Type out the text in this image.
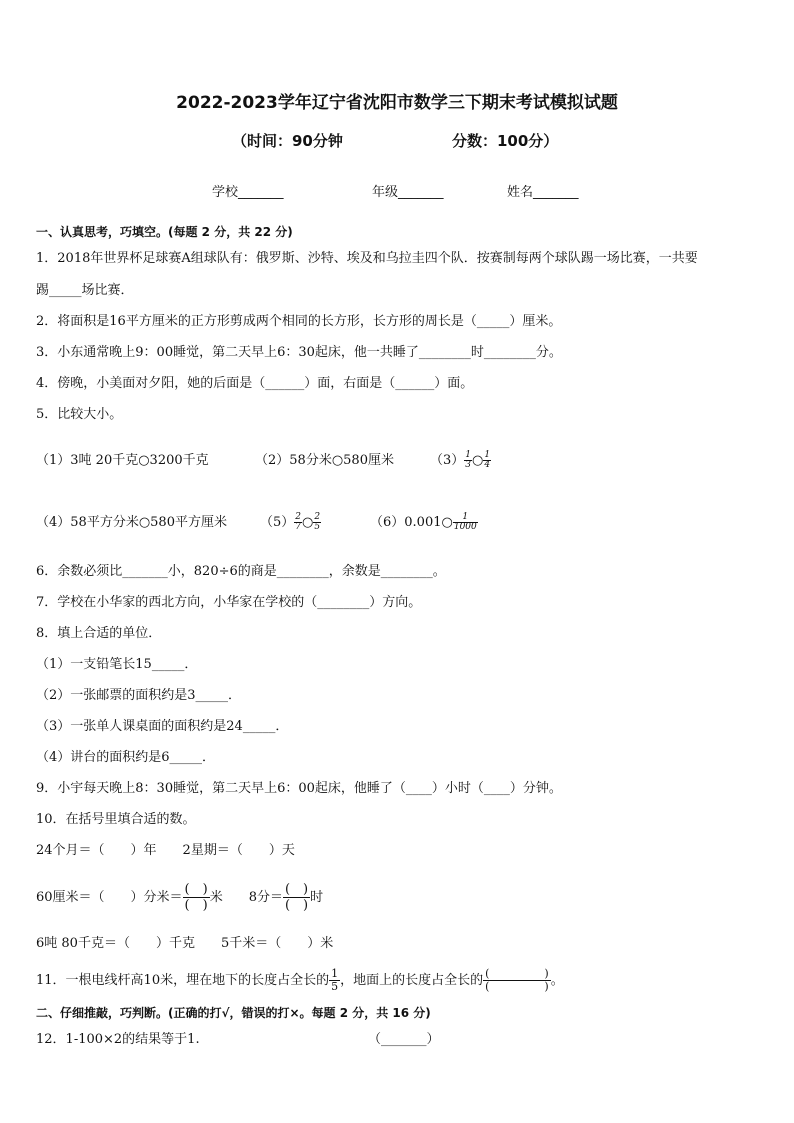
2022-2023学年辽宁省沈阳市数学三下期末考试模拟试题
（时间：90分钟	分数：100分）
学校_______	年级_______	姓名_______
一、认真思考，巧填空。(每题 2 分，共 22 分)
1．2018年世界杯足球赛A组球队有：俄罗斯、沙特、埃及和乌拉圭四个队．按赛制每两个球队踢一场比赛，一共要
踢_____场比赛．
2．将面积是16平方厘米的正方形剪成两个相同的长方形，长方形的周长是（_____）厘米。
3．小东通常晚上9：00睡觉，第二天早上6：30起床，他一共睡了________时________分。
4．傍晚，小美面对夕阳，她的后面是（______）面，右面是（______）面。
5．比较大小。
（1）3吨 20千克○3200千克	（2）58分米○580厘米	$(3) \frac{1}{3}$ ○ $\frac{1}{4}$
（4）58平方分米○580平方厘米	$(5) \frac{2}{7}$ ○ $\frac{2}{5}$	（6）0.001○ $\frac{1}{1000}$
6．余数必须比_______小，820÷6的商是________，余数是________。
7．学校在小华家的西北方向，小华家在学校的（________）方向。
8．填上合适的单位．
（1）一支铅笔长15_____．
（2）一张邮票的面积约是3_____．
（3）一张单人课桌面的面积约是24_____．
（4）讲台的面积约是6_____．
9．小宇每天晚上8：30睡觉，第二天早上6：00起床，他睡了（____）小时（____）分钟。
10．在括号里填合适的数。
24个月＝（　　）年　　2星期＝（　　）天
60厘米＝（　　）分米＝
(　)
(　)
米　　8分＝
(　)
(　)
时
6吨 80千克＝（　　）千克　　5千米＝（　　）米
11．一根电线杆高10米，埋在地下的长度占全长的 $\frac{1}{5}$ ，地面上的长度占全长的 (　　　　　)
(　　　　　) 。
二、仔细推敲，巧判断。(正确的打√，错误的打×。每题 2 分，共 16 分)
12．1-100×2的结果等于1.	（_______）
